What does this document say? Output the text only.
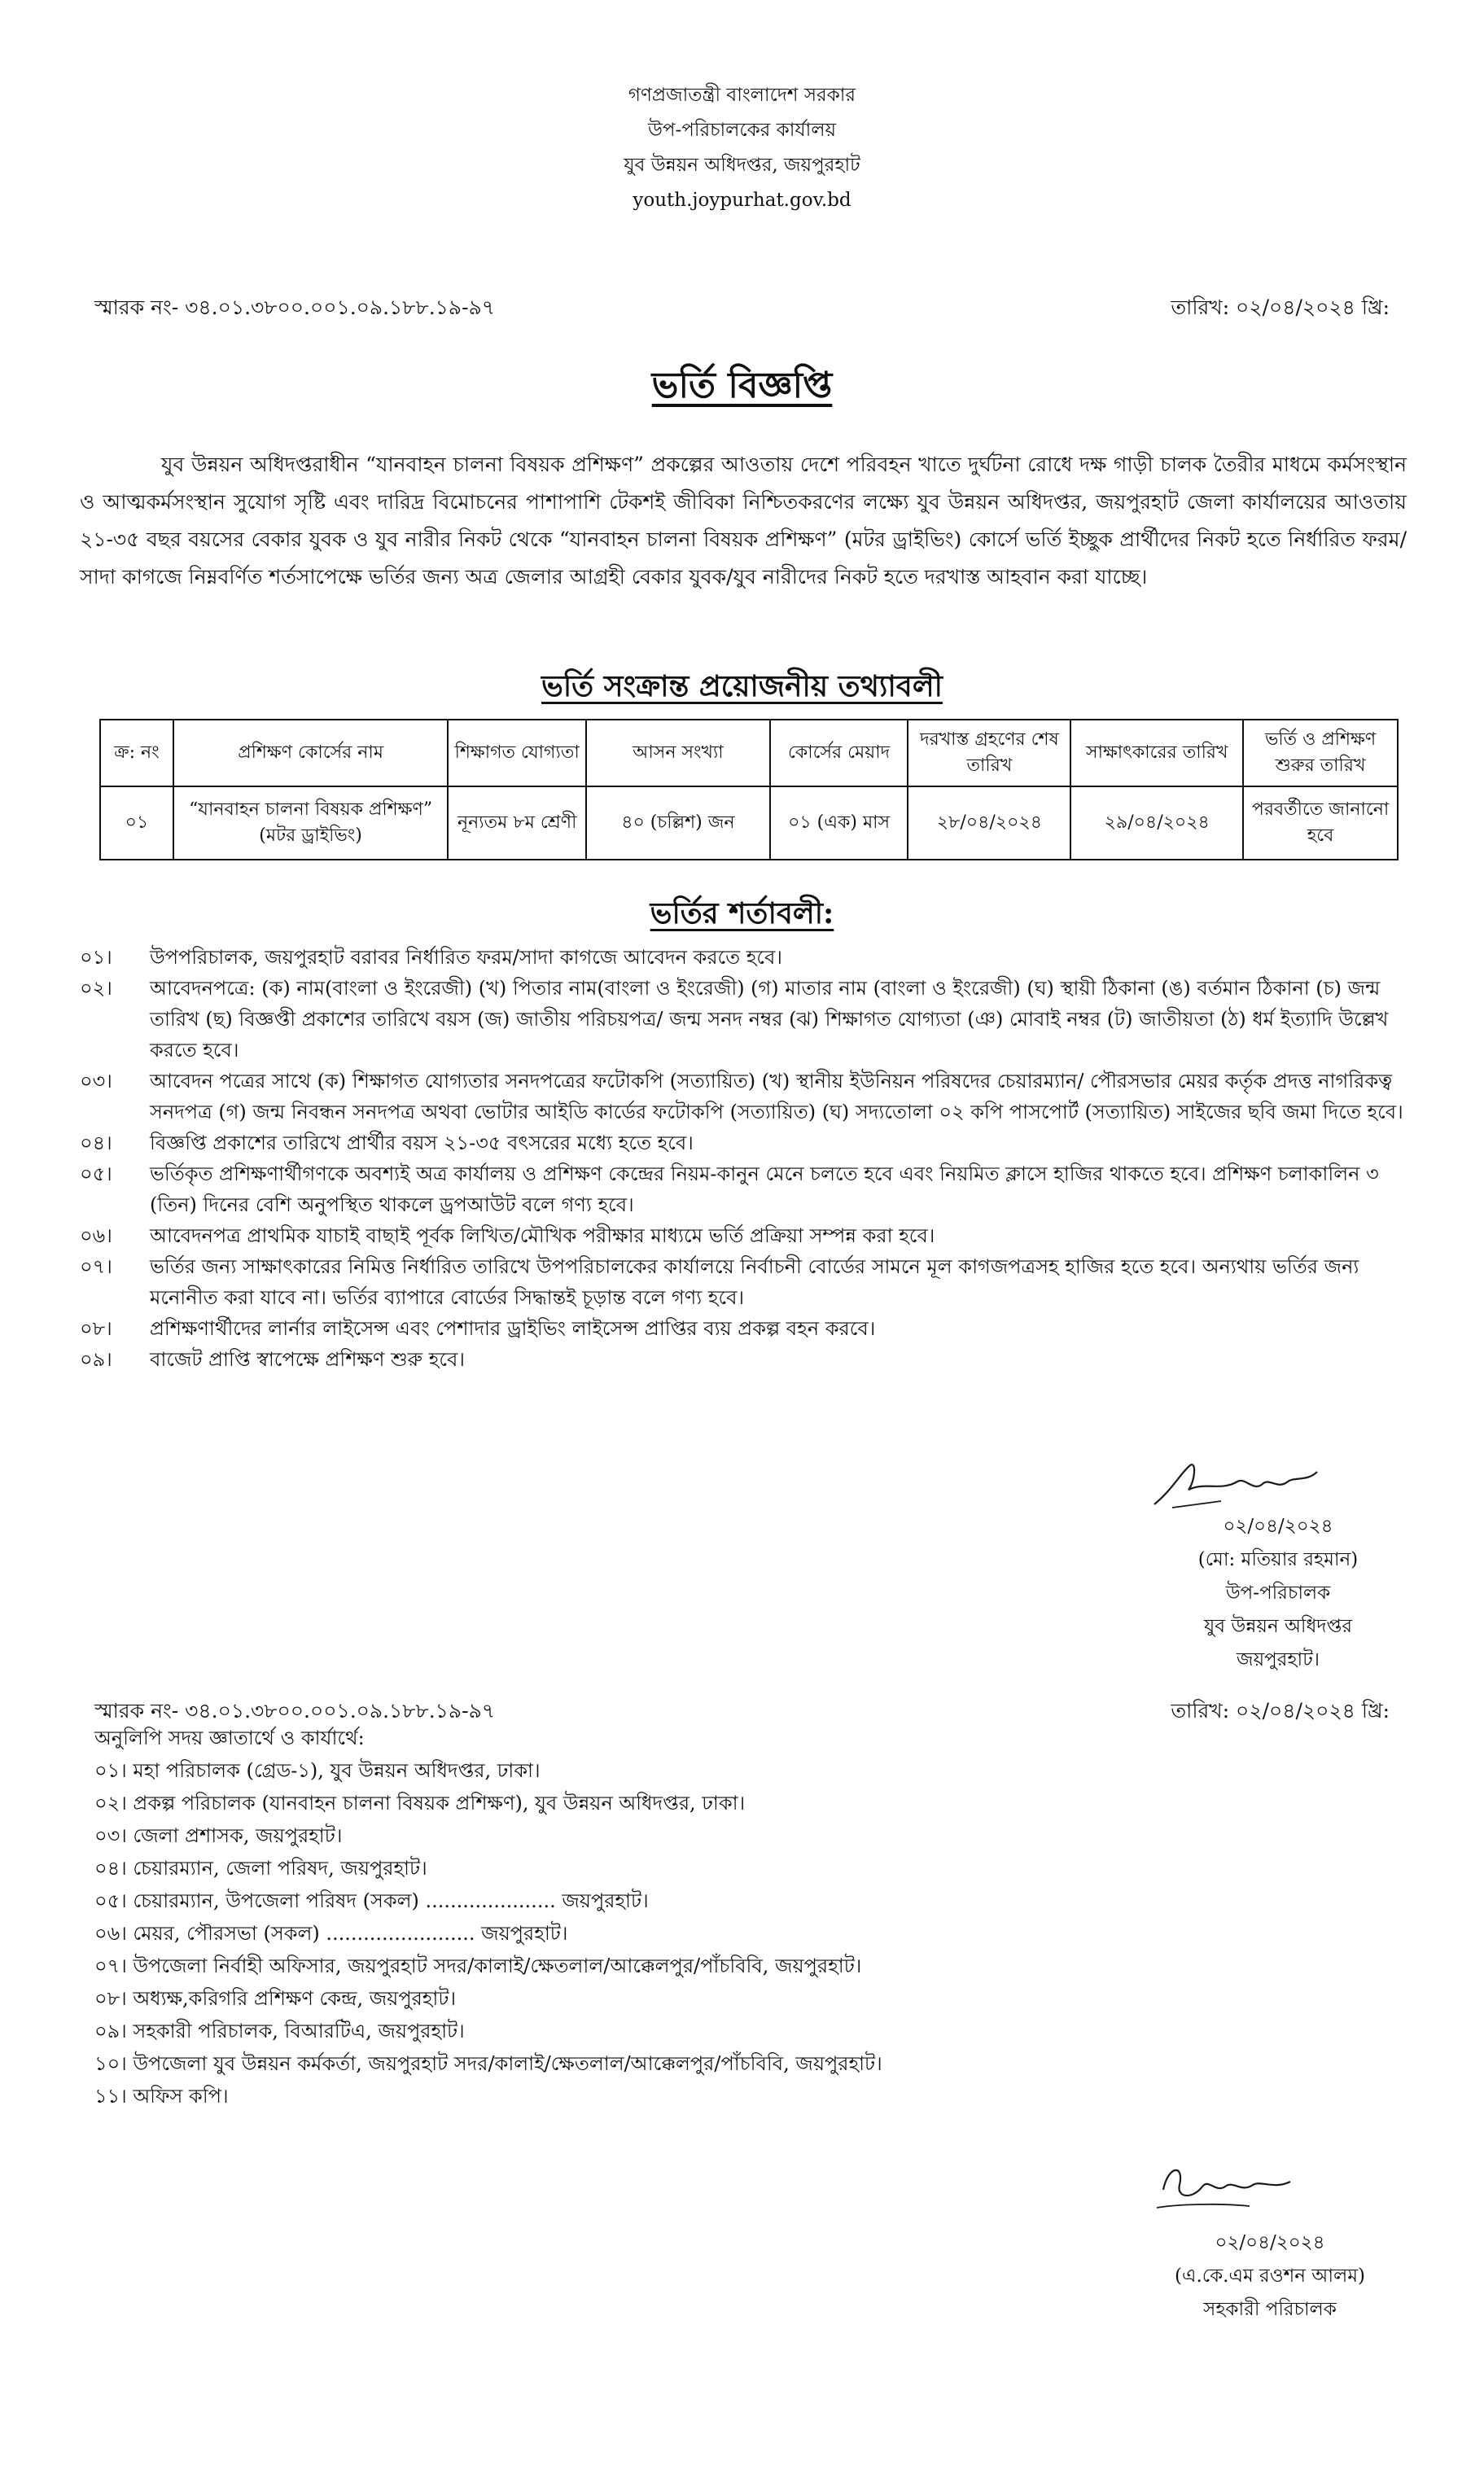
গণপ্রজাতন্ত্রী বাংলাদেশ সরকার
উপ-পরিচালকের কার্যালয়
যুব উন্নয়ন অধিদপ্তর, জয়পুরহাট
youth.joypurhat.gov.bd
স্মারক নং- ৩৪.০১.৩৮০০.০০১.০৯.১৮৮.১৯-৯৭	তারিখ: ০২/০৪/২০২৪ খ্রি:
ভর্তি বিজ্ঞপ্তি
যুব উন্নয়ন অধিদপ্তরাধীন “যানবাহন চালনা বিষয়ক প্রশিক্ষণ” প্রকল্পের আওতায় দেশে পরিবহন খাতে দুর্ঘটনা রোধে দক্ষ গাড়ী চালক তৈরীর মাধমে কর্মসংস্থান ও আত্মকর্মসংস্থান সুযোগ সৃষ্টি এবং দারিদ্র বিমোচনের পাশাপাশি টেকশই জীবিকা নিশ্চিতকরণের লক্ষ্যে যুব উন্নয়ন অধিদপ্তর, জয়পুরহাট জেলা কার্যালয়ের আওতায় ২১-৩৫ বছর বয়সের বেকার যুবক ও যুব নারীর নিকট থেকে “যানবাহন চালনা বিষয়ক প্রশিক্ষণ” (মটর ড্রাইভিং) কোর্সে ভর্তি ইচ্ছুক প্রার্থীদের নিকট হতে নির্ধারিত ফরম/সাদা কাগজে নিম্নবর্ণিত শর্তসাপেক্ষে ভর্তির জন্য অত্র জেলার আগ্রহী বেকার যুবক/যুব নারীদের নিকট হতে দরখাস্ত আহবান করা যাচ্ছে।
ভর্তি সংক্রান্ত প্রয়োজনীয় তথ্যাবলী
ক্র: নং	প্রশিক্ষণ কোর্সের নাম	শিক্ষাগত যোগ্যতা	আসন সংখ্যা	কোর্সের মেয়াদ	দরখাস্ত গ্রহণের শেষ তারিখ	সাক্ষাৎকারের তারিখ	ভর্তি ও প্রশিক্ষণ শুরুর তারিখ
০১	“যানবাহন চালনা বিষয়ক প্রশিক্ষণ” (মটর ড্রাইভিং)	নূন্যতম ৮ম শ্রেণী	৪০ (চল্লিশ) জন	০১ (এক) মাস	২৮/০৪/২০২৪	২৯/০৪/২০২৪	পরবর্তীতে জানানো হবে
ভর্তির শর্তাবলী:
০১।	উপপরিচালক, জয়পুরহাট বরাবর নির্ধারিত ফরম/সাদা কাগজে আবেদন করতে হবে।
০২।	আবেদনপত্রে: (ক) নাম(বাংলা ও ইংরেজী) (খ) পিতার নাম(বাংলা ও ইংরেজী) (গ) মাতার নাম (বাংলা ও ইংরেজী) (ঘ) স্থায়ী ঠিকানা (ঙ) বর্তমান ঠিকানা (চ) জন্ম তারিখ (ছ) বিজ্ঞপ্তী প্রকাশের তারিখে বয়স (জ) জাতীয় পরিচয়পত্র/ জন্ম সনদ নম্বর (ঝ) শিক্ষাগত যোগ্যতা (ঞ) মোবাই নম্বর (ট) জাতীয়তা (ঠ) ধর্ম ইত্যাদি উল্লেখ করতে হবে।
০৩।	আবেদন পত্রের সাথে (ক) শিক্ষাগত যোগ্যতার সনদপত্রের ফটোকপি (সত্যায়িত) (খ) স্থানীয় ইউনিয়ন পরিষদের চেয়ারম্যান/ পৌরসভার মেয়র কর্তৃক প্রদত্ত নাগরিকত্ব সনদপত্র (গ) জন্ম নিবন্ধন সনদপত্র অথবা ভোটার আইডি কার্ডের ফটোকপি (সত্যায়িত) (ঘ) সদ্যতোলা ০২ কপি পাসপোর্ট (সত্যায়িত) সাইজের ছবি জমা দিতে হবে।
০৪।	বিজ্ঞপ্তি প্রকাশের তারিখে প্রার্থীর বয়স ২১-৩৫ বৎসরের মধ্যে হতে হবে।
০৫।	ভর্তিকৃত প্রশিক্ষণার্থীগণকে অবশ্যই অত্র কার্যালয় ও প্রশিক্ষণ কেন্দ্রের নিয়ম-কানুন মেনে চলতে হবে এবং নিয়মিত ক্লাসে হাজির থাকতে হবে। প্রশিক্ষণ চলাকালিন ৩ (তিন) দিনের বেশি অনুপস্থিত থাকলে ড্রপআউট বলে গণ্য হবে।
০৬।	আবেদনপত্র প্রাথমিক যাচাই বাছাই পূর্বক লিখিত/মৌখিক পরীক্ষার মাধ্যমে ভর্তি প্রক্রিয়া সম্পন্ন করা হবে।
০৭।	ভর্তির জন্য সাক্ষাৎকারের নিমিত্ত নির্ধারিত তারিখে উপপরিচালকের কার্যালয়ে নির্বাচনী বোর্ডের সামনে মূল কাগজপত্রসহ হাজির হতে হবে। অন্যথায় ভর্তির জন্য মনোনীত করা যাবে না। ভর্তির ব্যাপারে বোর্ডের সিদ্ধান্তই চূড়ান্ত বলে গণ্য হবে।
০৮।	প্রশিক্ষণার্থীদের লার্নার লাইসেন্স এবং পেশাদার ড্রাইভিং লাইসেন্স প্রাপ্তির ব্যয় প্রকল্প বহন করবে।
০৯।	বাজেট প্রাপ্তি স্বাপেক্ষে প্রশিক্ষণ শুরু হবে।
০২/০৪/২০২৪
(মো: মতিয়ার রহমান)
উপ-পরিচালক
যুব উন্নয়ন অধিদপ্তর
জয়পুরহাট।
স্মারক নং- ৩৪.০১.৩৮০০.০০১.০৯.১৮৮.১৯-৯৭	তারিখ: ০২/০৪/২০২৪ খ্রি:
অনুলিপি সদয় জ্ঞাতার্থে ও কার্যার্থে:
০১। মহা পরিচালক (গ্রেড-১), যুব উন্নয়ন অধিদপ্তর, ঢাকা।
০২। প্রকল্প পরিচালক (যানবাহন চালনা বিষয়ক প্রশিক্ষণ), যুব উন্নয়ন অধিদপ্তর, ঢাকা।
০৩। জেলা প্রশাসক, জয়পুরহাট।
০৪। চেয়ারম্যান, জেলা পরিষদ, জয়পুরহাট।
০৫। চেয়ারম্যান, উপজেলা পরিষদ (সকল) ..................... জয়পুরহাট।
০৬। মেয়র, পৌরসভা (সকল) ........................ জয়পুরহাট।
০৭। উপজেলা নির্বাহী অফিসার, জয়পুরহাট সদর/কালাই/ক্ষেতলাল/আক্কেলপুর/পাঁচবিবি, জয়পুরহাট।
০৮। অধ্যক্ষ,করিগরি প্রশিক্ষণ কেন্দ্র, জয়পুরহাট।
০৯। সহকারী পরিচালক, বিআরটিএ, জয়পুরহাট।
১০। উপজেলা যুব উন্নয়ন কর্মকর্তা, জয়পুরহাট সদর/কালাই/ক্ষেতলাল/আক্কেলপুর/পাঁচবিবি, জয়পুরহাট।
১১। অফিস কপি।
০২/০৪/২০২৪
(এ.কে.এম রওশন আলম)
সহকারী পরিচালক
